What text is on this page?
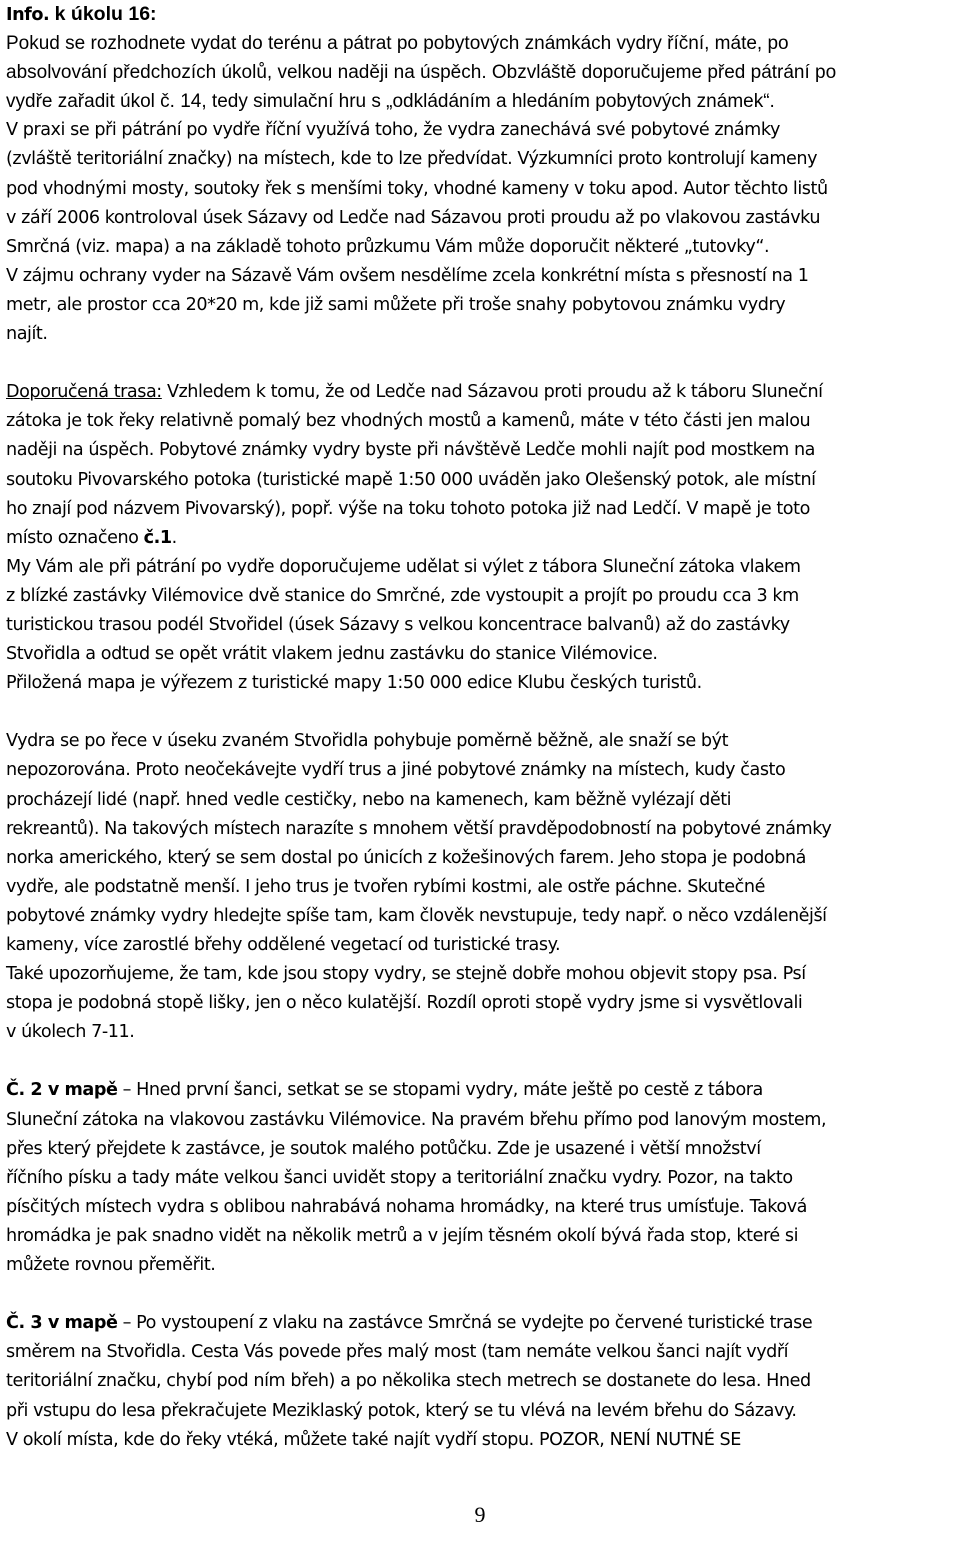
Info. k úkolu 16:
Pokud se rozhodnete vydat do terénu a pátrat po pobytových známkách vydry říční, máte, po
absolvování předchozích úkolů, velkou naději na úspěch. Obzvláště doporučujeme před pátrání po
vydře zařadit úkol č. 14, tedy simulační hru s „odkládáním a hledáním pobytových známek“.
V praxi se při pátrání po vydře říční využívá toho, že vydra zanechává své pobytové známky
(zvláště teritoriální značky) na místech, kde to lze předvídat. Výzkumníci proto kontrolují kameny
pod vhodnými mosty, soutoky řek s menšími toky, vhodné kameny v toku apod. Autor těchto listů
v září 2006 kontroloval úsek Sázavy od Ledče nad Sázavou proti proudu až po vlakovou zastávku
Smrčná (viz. mapa) a na základě tohoto průzkumu Vám může doporučit některé „tutovky“.
V zájmu ochrany vyder na Sázavě Vám ovšem nesdělíme zcela konkrétní místa s přesností na 1
metr, ale prostor cca 20*20 m, kde již sami můžete při troše snahy pobytovou známku vydry
najít.
Doporučená trasa: Vzhledem k tomu, že od Ledče nad Sázavou proti proudu až k táboru Sluneční
zátoka je tok řeky relativně pomalý bez vhodných mostů a kamenů, máte v této části jen malou
naději na úspěch. Pobytové známky vydry byste při návštěvě Ledče mohli najít pod mostkem na
soutoku Pivovarského potoka (turistické mapě 1:50 000 uváděn jako Olešenský potok, ale místní
ho znají pod názvem Pivovarský), popř. výše na toku tohoto potoka již nad Ledčí. V mapě je toto
místo označeno č.1.
My Vám ale při pátrání po vydře doporučujeme udělat si výlet z tábora Sluneční zátoka vlakem
z blízké zastávky Vilémovice dvě stanice do Smrčné, zde vystoupit a projít po proudu cca 3 km
turistickou trasou podél Stvořidel (úsek Sázavy s velkou koncentrace balvanů) až do zastávky
Stvořidla a odtud se opět vrátit vlakem jednu zastávku do stanice Vilémovice.
Přiložená mapa je výřezem z turistické mapy 1:50 000 edice Klubu českých turistů.
Vydra se po řece v úseku zvaném Stvořidla pohybuje poměrně běžně, ale snaží se být
nepozorována. Proto neočekávejte vydří trus a jiné pobytové známky na místech, kudy často
procházejí lidé (např. hned vedle cestičky, nebo na kamenech, kam běžně vylézají děti
rekreantů). Na takových místech narazíte s mnohem větší pravděpodobností na pobytové známky
norka amerického, který se sem dostal po únicích z kožešinových farem. Jeho stopa je podobná
vydře, ale podstatně menší. I jeho trus je tvořen rybími kostmi, ale ostře páchne. Skutečné
pobytové známky vydry hledejte spíše tam, kam člověk nevstupuje, tedy např. o něco vzdálenější
kameny, více zarostlé břehy oddělené vegetací od turistické trasy.
Také upozorňujeme, že tam, kde jsou stopy vydry, se stejně dobře mohou objevit stopy psa. Psí
stopa je podobná stopě lišky, jen o něco kulatější. Rozdíl oproti stopě vydry jsme si vysvětlovali
v úkolech 7-11.
Č. 2 v mapě – Hned první šanci, setkat se se stopami vydry, máte ještě po cestě z tábora
Sluneční zátoka na vlakovou zastávku Vilémovice. Na pravém břehu přímo pod lanovým mostem,
přes který přejdete k zastávce, je soutok malého potůčku. Zde je usazené i větší množství
říčního písku a tady máte velkou šanci uvidět stopy a teritoriální značku vydry. Pozor, na takto
písčitých místech vydra s oblibou nahrabává nohama hromádky, na které trus umísťuje. Taková
hromádka je pak snadno vidět na několik metrů a v jejím těsném okolí bývá řada stop, které si
můžete rovnou přeměřit.
Č. 3 v mapě – Po vystoupení z vlaku na zastávce Smrčná se vydejte po červené turistické trase
směrem na Stvořidla. Cesta Vás povede přes malý most (tam nemáte velkou šanci najít vydří
teritoriální značku, chybí pod ním břeh) a po několika stech metrech se dostanete do lesa. Hned
při vstupu do lesa překračujete Meziklaský potok, který se tu vlévá na levém břehu do Sázavy.
V okolí místa, kde do řeky vtéká, můžete také najít vydří stopu. POZOR, NENÍ NUTNÉ SE
9
